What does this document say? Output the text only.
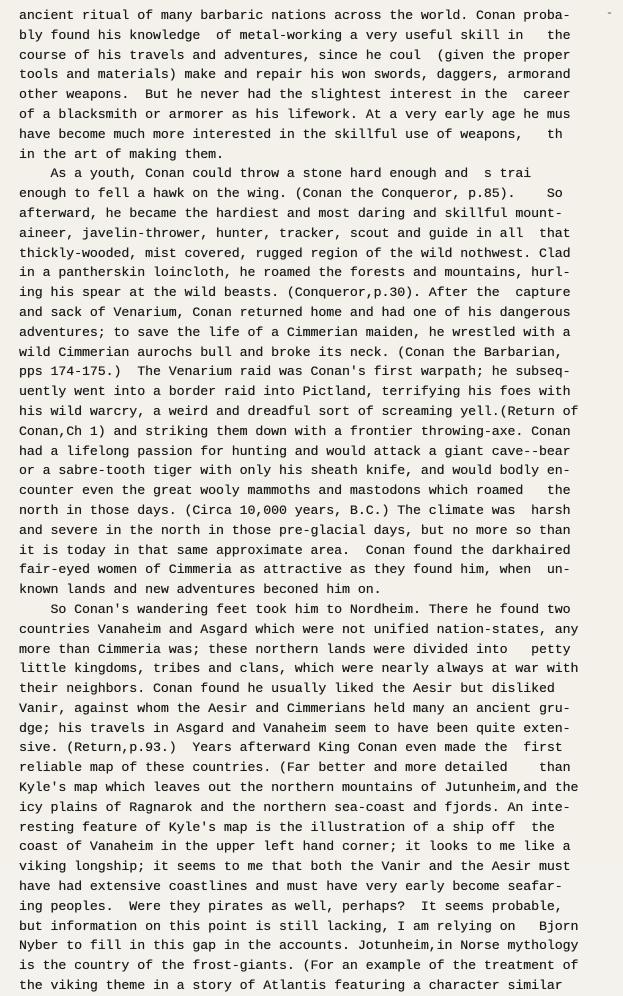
-
ancient ritual of many barbaric nations across the world. Conan proba-
bly found his knowledge  of metal-working a very useful skill in   the
course of his travels and adventures, since he coul  (given the proper
tools and materials) make and repair his won swords, daggers, armorand
other weapons.  But he never had the slightest interest in the  career
of a blacksmith or armorer as his lifework. At a very early age he mus
have become much more interested in the skillful use of weapons,   th
in the art of making them.
As a youth, Conan could throw a stone hard enough and  s trai
enough to fell a hawk on the wing. (Conan the Conqueror, p.85).    So
afterward, he became the hardiest and most daring and skillful mount-
aineer, javelin-thrower, hunter, tracker, scout and guide in all  that
thickly-wooded, mist covered, rugged region of the wild nothwest. Clad
in a pantherskin loincloth, he roamed the forests and mountains, hurl-
ing his spear at the wild beasts. (Conqueror,p.30). After the  capture
and sack of Venarium, Conan returned home and had one of his dangerous
adventures; to save the life of a Cimmerian maiden, he wrestled with a
wild Cimmerian aurochs bull and broke its neck. (Conan the Barbarian,
pps 174-175.)  The Venarium raid was Conan's first warpath; he subseq-
uently went into a border raid into Pictland, terrifying his foes with
his wild warcry, a weird and dreadful sort of screaming yell.(Return of
Conan,Ch 1) and striking them down with a frontier throwing-axe. Conan
had a lifelong passion for hunting and would attack a giant cave--bear
or a sabre-tooth tiger with only his sheath knife, and would bodly en-
counter even the great wooly mammoths and mastodons which roamed   the
north in those days. (Circa 10,000 years, B.C.) The climate was  harsh
and severe in the north in those pre-glacial days, but no more so than
it is today in that same approximate area.  Conan found the darkhaired
fair-eyed women of Cimmeria as attractive as they found him, when  un-
known lands and new adventures beconed him on.
So Conan's wandering feet took him to Nordheim. There he found two
countries Vanaheim and Asgard which were not unified nation-states, any
more than Cimmeria was; these northern lands were divided into   petty
little kingdoms, tribes and clans, which were nearly always at war with
their neighbors. Conan found he usually liked the Aesir but disliked
Vanir, against whom the Aesir and Cimmerians held many an ancient gru-
dge; his travels in Asgard and Vanaheim seem to have been quite exten-
sive. (Return,p.93.)  Years afterward King Conan even made the  first
reliable map of these countries. (Far better and more detailed    than
Kyle's map which leaves out the northern mountains of Jutunheim,and the
icy plains of Ragnarok and the northern sea-coast and fjords. An inte-
resting feature of Kyle's map is the illustration of a ship off  the
coast of Vanaheim in the upper left hand corner; it looks to me like a
viking longship; it seems to me that both the Vanir and the Aesir must
have had extensive coastlines and must have very early become seafar-
ing peoples.  Were they pirates as well, perhaps?  It seems probable,
but information on this point is still lacking, I am relying on   Bjorn
Nyber to fill in this gap in the accounts. Jotunheim,in Norse mythology
is the country of the frost-giants. (For an example of the treatment of
the viking theme in a story of Atlantis featuring a character similar
